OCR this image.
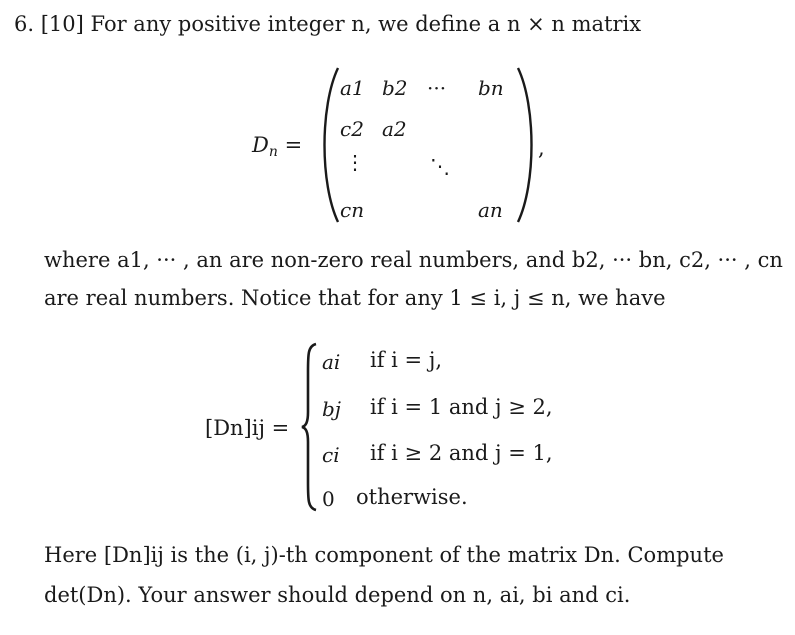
6. [10] For any positive integer n, we define a n × n matrix
Dn =
a1 b2 ··· bn
c2 a2
⋮	⋱
cn	an
,
where a1, ··· , an are non-zero real numbers, and b2, ··· bn, c2, ··· , cn
are real numbers. Notice that for any 1 ≤ i, j ≤ n, we have
[Dn]ij =
ai if i = j,
bj if i = 1 and j ≥ 2,
ci if i ≥ 2 and j = 1,
0 otherwise.
Here [Dn]ij is the (i, j)-th component of the matrix Dn. Compute
det(Dn). Your answer should depend on n, ai, bi and ci.
